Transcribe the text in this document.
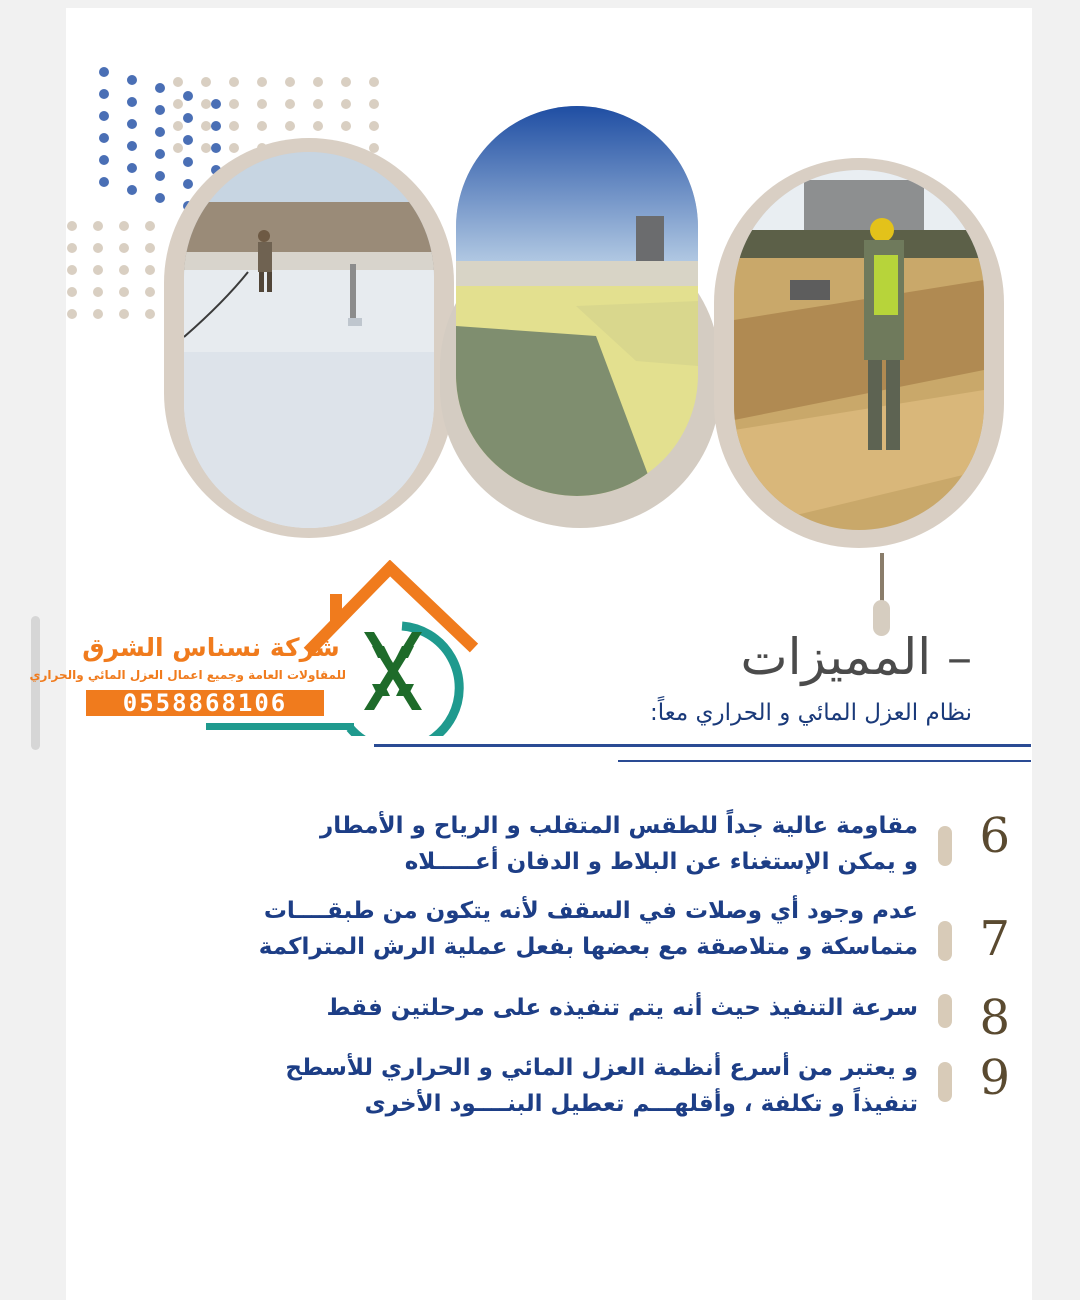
شركة نسناس الشرق
للمقاولات العامة وجميع اعمال العزل المائي والحراري
0558868106
– المميزات
نظام العزل المائي و الحراري معاً:
6
مقاومة عالية جداً للطقس المتقلب و الرياح و الأمطار
و يمكن الإستغناء عن البلاط و الدفان أعـــــلاه
7
عدم وجود أي وصلات في السقف لأنه يتكون من طبقــــات
متماسكة و متلاصقة مع بعضها بفعل عملية الرش المتراكمة
8
سرعة التنفيذ حيث أنه يتم تنفيذه على مرحلتين فقط
9
و يعتبر من أسرع أنظمة العزل المائي و الحراري للأسطح
تنفيذاً و تكلفة ، وأقلهـــم تعطيل البنــــود الأخرى
